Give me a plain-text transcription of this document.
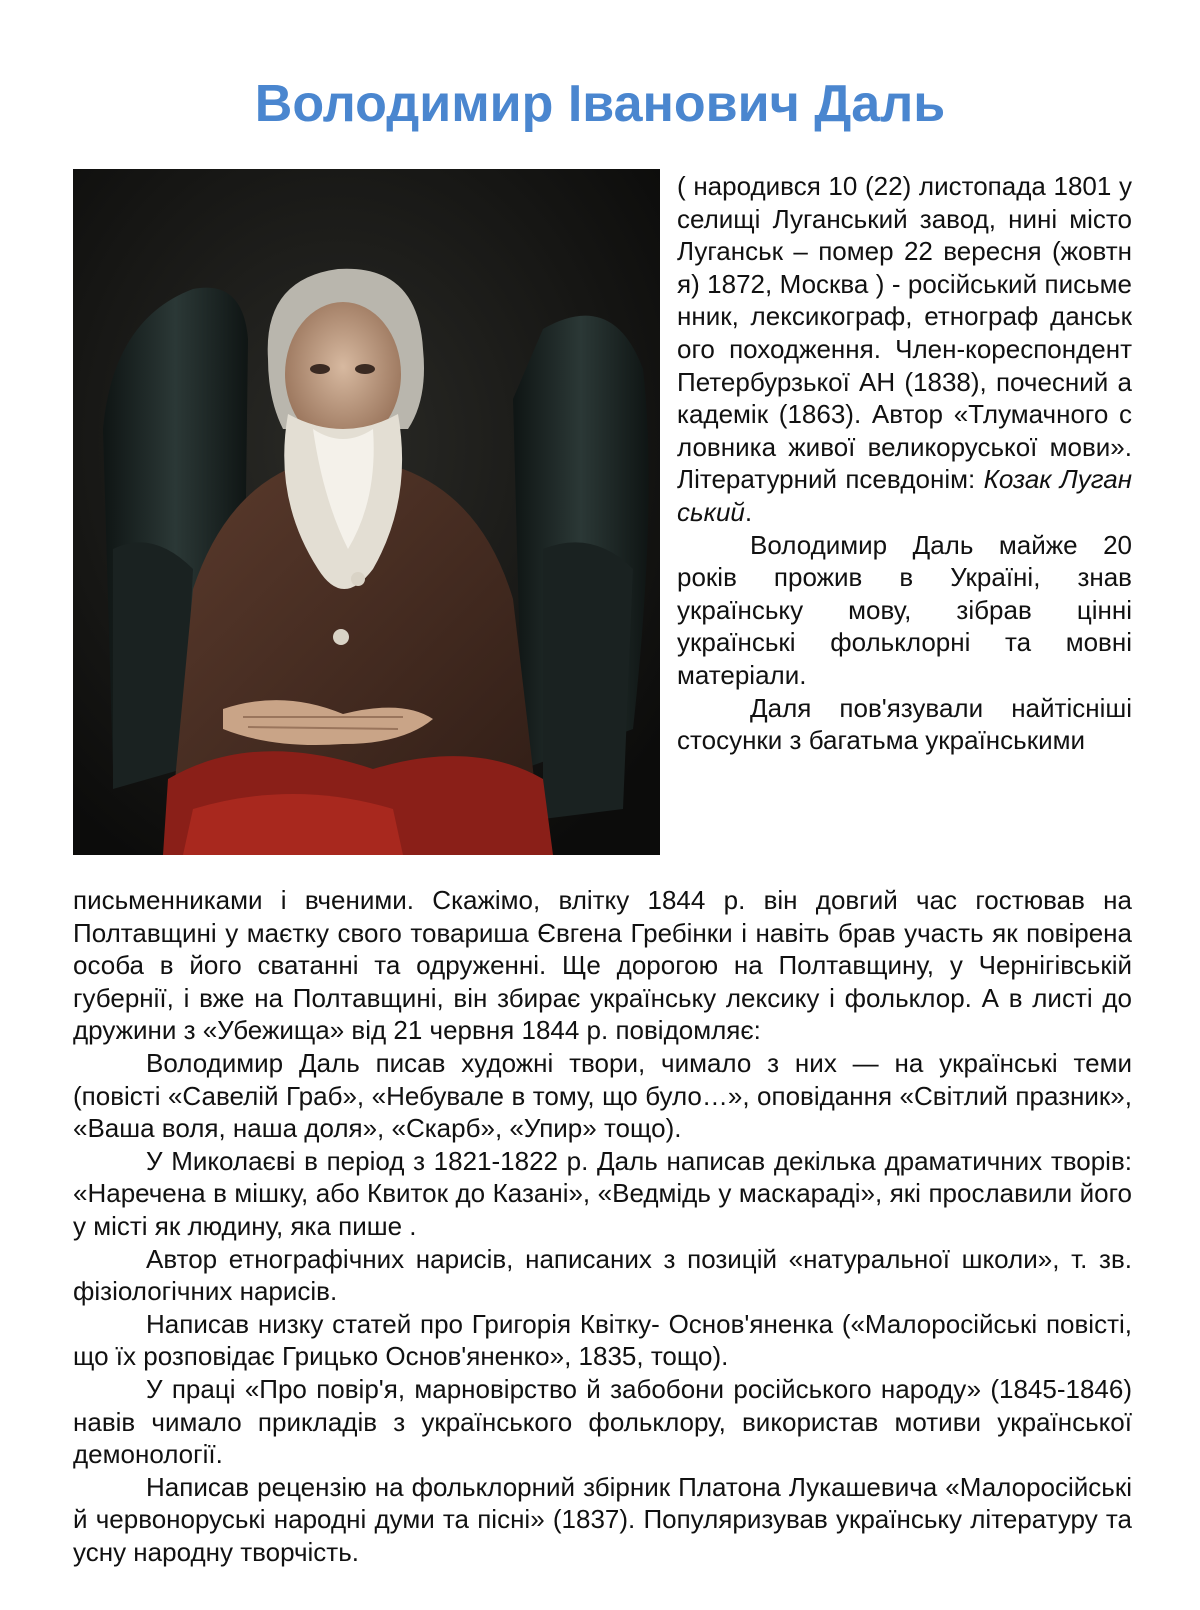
Володимир Іванович Даль

( народився 10 (22) листопада 1801 у селищі Луганський завод, нині місто Луганськ – помер 22 вересня (жовтня) 1872, Москва ) - російський письменник, лексикограф, етнограф данського походження. Член-кореспондент Петербурзької АН (1838), почесний академік (1863). Автор «Тлумачного словника живої великоруської мови». Літературний псевдонім: Козак Луганський.

Володимир Даль майже 20 років прожив в Україні, знав українську мову, зібрав цінні українські фольклорні та мовні матеріали.

Даля пов'язували найтісніші стосунки з багатьма українськими

письменниками і вченими. Скажімо, влітку 1844 р. він довгий час гостював на Полтавщині у маєтку свого товариша Євгена Гребінки і навіть брав участь як повірена особа в його сватанні та одруженні. Ще дорогою на Полтавщину, у Чернігівській губернії, і вже на Полтавщині, він збирає українську лексику і фольклор. А в листі до дружини з «Убежища» від 21 червня 1844 р. повідомляє:

Володимир Даль писав художні твори, чимало з них — на українські теми (повісті «Савелій Граб», «Небувале в тому, що було…», оповідання «Світлий празник», «Ваша воля, наша доля», «Скарб», «Упир» тощо).

У Миколаєві в період з 1821-1822 р. Даль написав декілька драматичних творів: «Наречена в мішку, або Квиток до Казані», «Ведмідь у маскараді», які прославили його у місті як людину, яка пише .

Автор етнографічних нарисів, написаних з позицій «натуральної школи», т. зв. фізіологічних нарисів.

Написав низку статей про Григорія Квітку- Основ'яненка («Малоросійські повісті, що їх розповідає Грицько Основ'яненко», 1835, тощо).

У праці «Про повір'я, марновірство й забобони російського народу» (1845-1846) навів чимало прикладів з українського фольклору, використав мотиви української демонології.

Написав рецензію на фольклорний збірник Платона Лукашевича «Малоросійські й червоноруські народні думи та пісні» (1837). Популяризував українську літературу та усну народну творчість.
